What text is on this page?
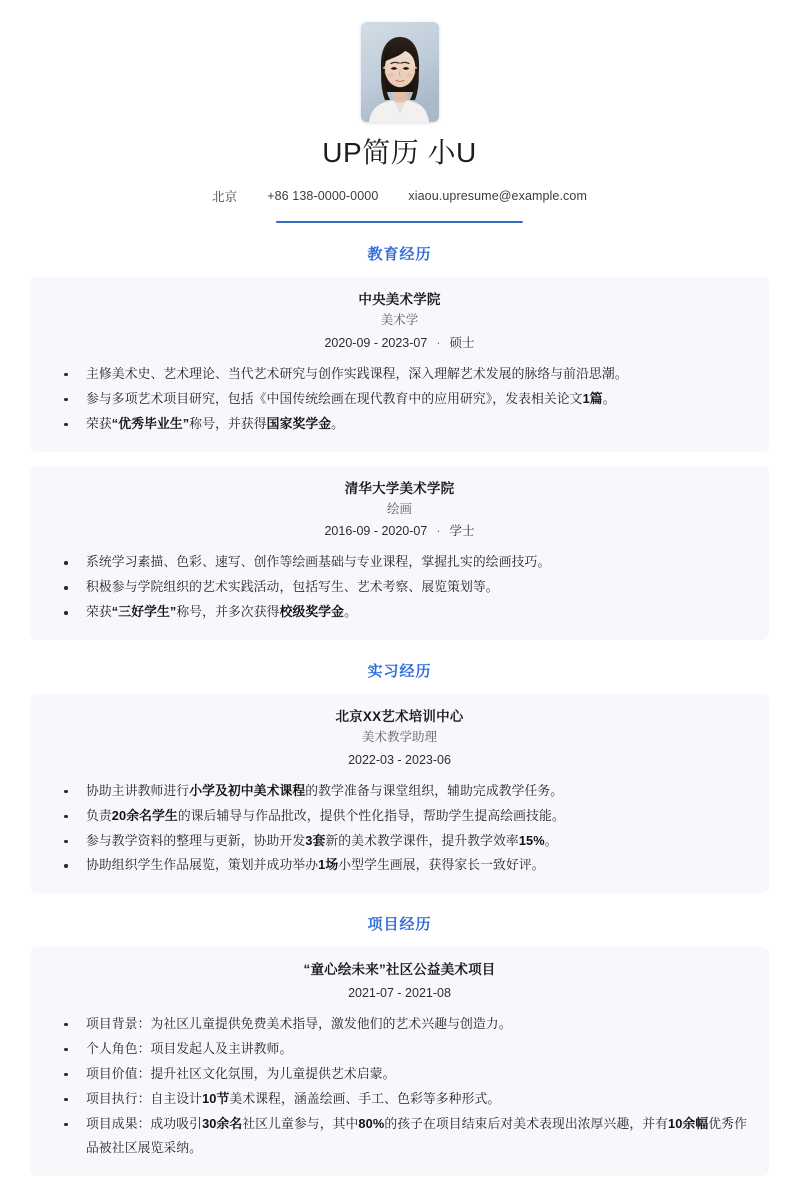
UP简历 小U
北京 +86 138-0000-0000 xiaou.upresume@example.com
教育经历
中央美术学院
美术学
2020-09 - 2023-07 · 硕士
主修美术史、艺术理论、当代艺术研究与创作实践课程，深入理解艺术发展的脉络与前沿思潮。
参与多项艺术项目研究，包括《中国传统绘画在现代教育中的应用研究》，发表相关论文1篇。
荣获“优秀毕业生”称号，并获得国家奖学金。
清华大学美术学院
绘画
2016-09 - 2020-07 · 学士
系统学习素描、色彩、速写、创作等绘画基础与专业课程，掌握扎实的绘画技巧。
积极参与学院组织的艺术实践活动，包括写生、艺术考察、展览策划等。
荣获“三好学生”称号，并多次获得校级奖学金。
实习经历
北京XX艺术培训中心
美术教学助理
2022-03 - 2023-06
协助主讲教师进行小学及初中美术课程的教学准备与课堂组织，辅助完成教学任务。
负责20余名学生的课后辅导与作品批改，提供个性化指导，帮助学生提高绘画技能。
参与教学资料的整理与更新，协助开发3套新的美术教学课件，提升教学效率15%。
协助组织学生作品展览，策划并成功举办1场小型学生画展，获得家长一致好评。
项目经历
“童心绘未来”社区公益美术项目
2021-07 - 2021-08
项目背景：为社区儿童提供免费美术指导，激发他们的艺术兴趣与创造力。
个人角色：项目发起人及主讲教师。
项目价值：提升社区文化氛围，为儿童提供艺术启蒙。
项目执行：自主设计10节美术课程，涵盖绘画、手工、色彩等多种形式。
项目成果：成功吸引30余名社区儿童参与，其中80%的孩子在项目结束后对美术表现出浓厚兴趣，并有10余幅优秀作品被社区展览采纳。
